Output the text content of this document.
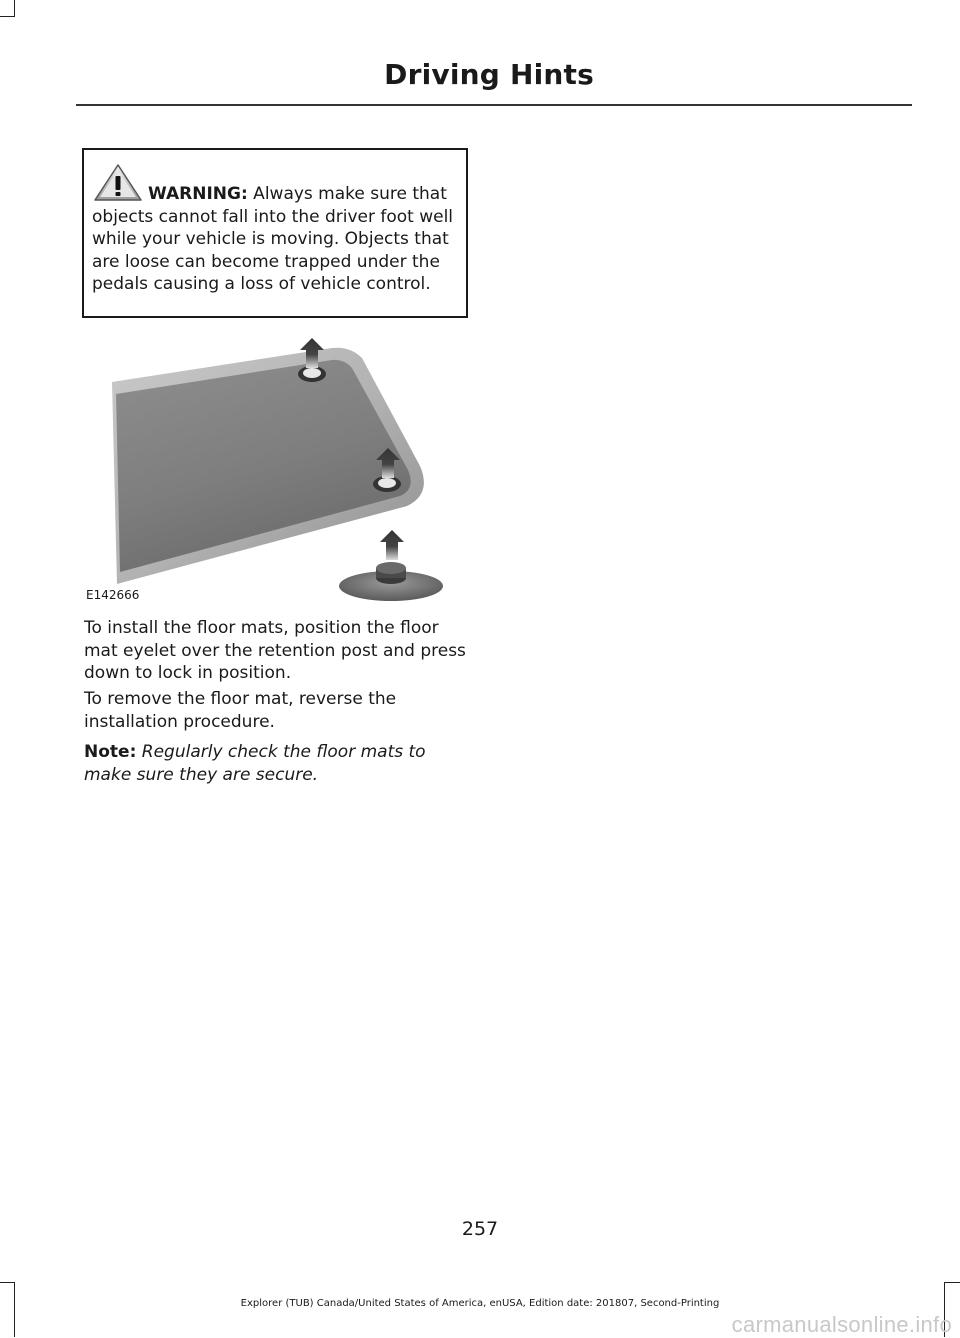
Driving Hints
WARNING: Always make sure that objects cannot fall into the driver foot well while your vehicle is moving. Objects that are loose can become trapped under the pedals causing a loss of vehicle control.
E142666
To install the floor mats, position the floor mat eyelet over the retention post and press down to lock in position.
To remove the floor mat, reverse the installation procedure.
Note: Regularly check the floor mats to make sure they are secure.
257
Explorer (TUB) Canada/United States of America, enUSA, Edition date: 201807, Second-Printing
carmanualsonline.info
